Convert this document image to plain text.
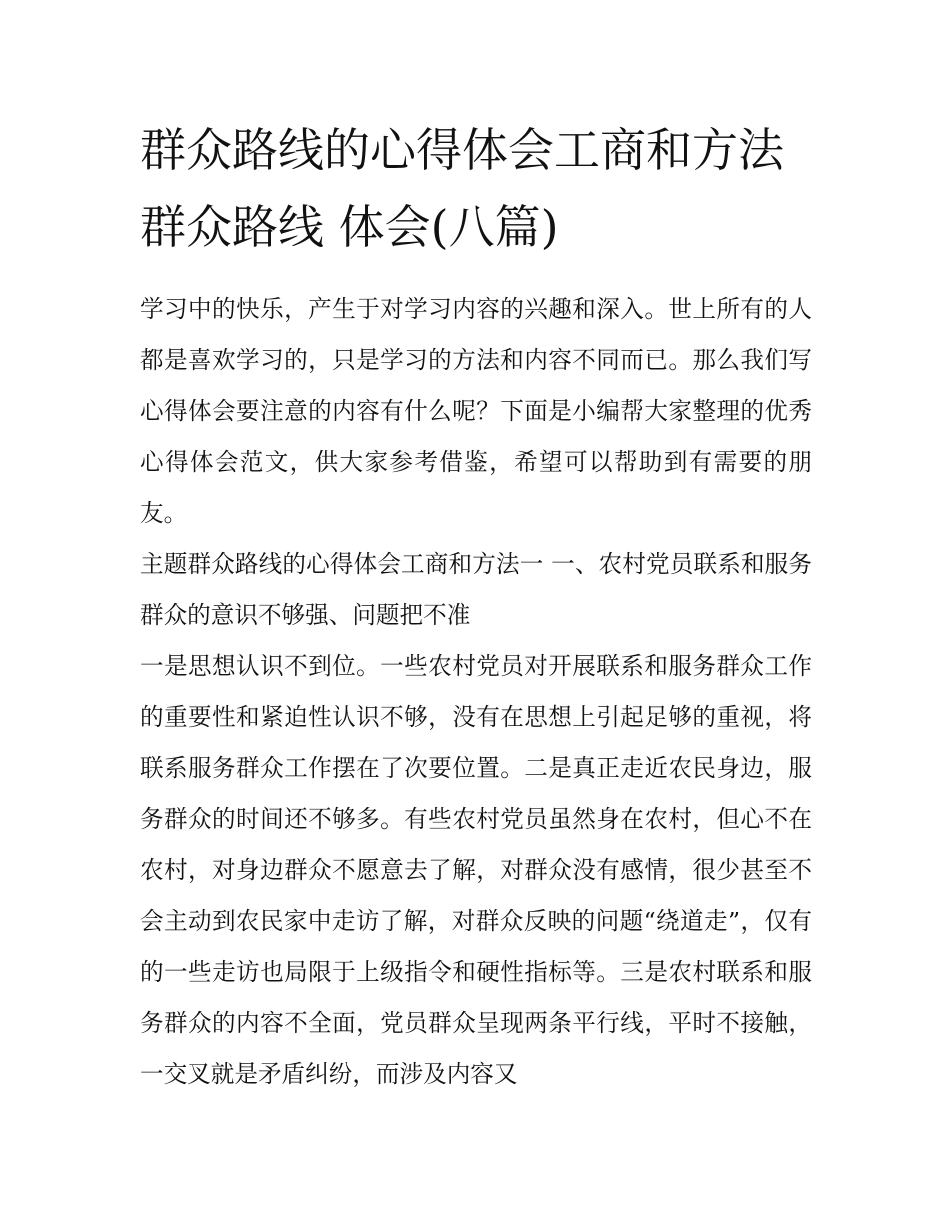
群众路线的心得体会工商和方法 群众路线 体会(八篇)

学习中的快乐，产生于对学习内容的兴趣和深入。世上所有的人都是喜欢学习的，只是学习的方法和内容不同而已。那么我们写心得体会要注意的内容有什么呢？下面是小编帮大家整理的优秀心得体会范文，供大家参考借鉴，希望可以帮助到有需要的朋友。

主题群众路线的心得体会工商和方法一 一、农村党员联系和服务群众的意识不够强、问题把不准

一是思想认识不到位。一些农村党员对开展联系和服务群众工作的重要性和紧迫性认识不够，没有在思想上引起足够的重视，将联系服务群众工作摆在了次要位置。二是真正走近农民身边，服务群众的时间还不够多。有些农村党员虽然身在农村，但心不在农村，对身边群众不愿意去了解，对群众没有感情，很少甚至不会主动到农民家中走访了解，对群众反映的问题“绕道走”，仅有的一些走访也局限于上级指令和硬性指标等。三是农村联系和服务群众的内容不全面，党员群众呈现两条平行线，平时不接触，一交叉就是矛盾纠纷，而涉及内容又
